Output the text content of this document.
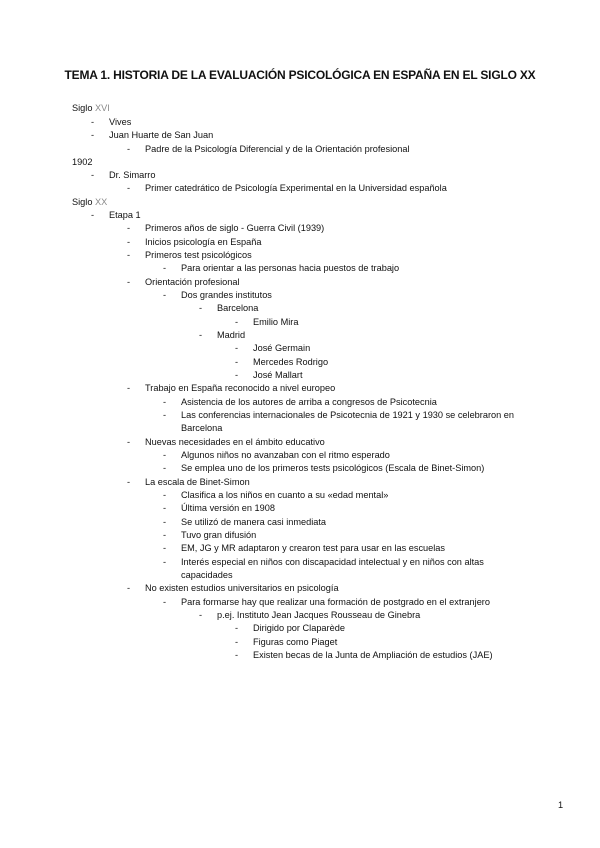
TEMA 1. HISTORIA DE LA EVALUACIÓN PSICOLÓGICA EN ESPAÑA EN EL SIGLO XX
Siglo XVI
- Vives
- Juan Huarte de San Juan
- Padre de la Psicología Diferencial y de la Orientación profesional
1902
- Dr. Simarro
- Primer catedrático de Psicología Experimental en la Universidad española
Siglo XX
- Etapa 1
- Primeros años de siglo - Guerra Civil (1939)
- Inicios psicología en España
- Primeros test psicológicos
- Para orientar a las personas hacia puestos de trabajo
- Orientación profesional
- Dos grandes institutos
- Barcelona
- Emilio Mira
- Madrid
- José Germain
- Mercedes Rodrigo
- José Mallart
- Trabajo en España reconocido a nivel europeo
- Asistencia de los autores de arriba a congresos de Psicotecnia
- Las conferencias internacionales de Psicotecnia de 1921 y 1930 se celebraron en
Barcelona
- Nuevas necesidades en el ámbito educativo
- Algunos niños no avanzaban con el ritmo esperado
- Se emplea uno de los primeros tests psicológicos (Escala de Binet-Simon)
- La escala de Binet-Simon
- Clasifica a los niños en cuanto a su «edad mental»
- Última versión en 1908
- Se utilizó de manera casi inmediata
- Tuvo gran difusión
- EM, JG y MR adaptaron y crearon test para usar en las escuelas
- Interés especial en niños con discapacidad intelectual y en niños con altas
capacidades
- No existen estudios universitarios en psicología
- Para formarse hay que realizar una formación de postgrado en el extranjero
- p.ej. Instituto Jean Jacques Rousseau de Ginebra
- Dirigido por Claparède
- Figuras como Piaget
- Existen becas de la Junta de Ampliación de estudios (JAE)
1
